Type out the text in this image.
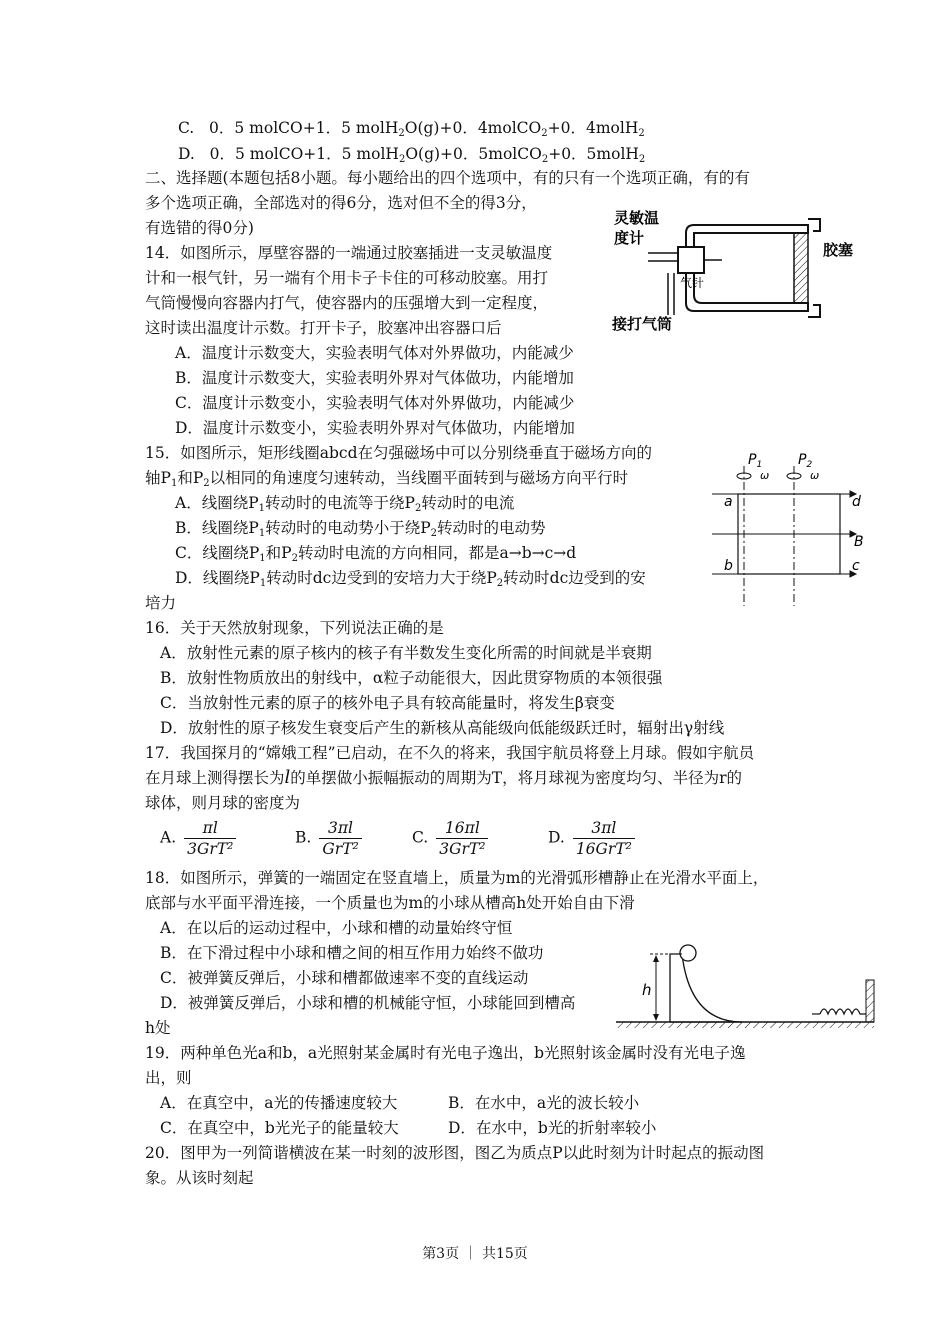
C. 0．5 molCO+1．5 molH$_2$O(g)+0．4molCO$_2$+0．4molH$_2$
D. 0．5 molCO+1．5 molH$_2$O(g)+0．5molCO$_2$+0．5molH$_2$
二、选择题(本题包括8小题。每小题给出的四个选项中，有的只有一个选项正确，有的有
多个选项正确，全部选对的得6分，选对但不全的得3分，
有选错的得0分)
14．如图所示，厚壁容器的一端通过胶塞插进一支灵敏温度
计和一根气针，另一端有个用卡子卡住的可移动胶塞。用打
气筒慢慢向容器内打气，使容器内的压强增大到一定程度，
这时读出温度计示数。打开卡子，胶塞冲出容器口后
A．温度计示数变大，实验表明气体对外界做功，内能减少
B．温度计示数变大，实验表明外界对气体做功，内能增加
C．温度计示数变小，实验表明气体对外界做功，内能减少
D．温度计示数变小，实验表明外界对气体做功，内能增加
灵敏温
度计
气针
胶塞
接打气筒
15．如图所示，矩形线圈abcd在匀强磁场中可以分别绕垂直于磁场方向的
轴$P_1$和$P_2$以相同的角速度匀速转动，当线圈平面转到与磁场方向平行时
A．线圈绕$P_1$转动时的电流等于绕$P_2$转动时的电流
B．线圈绕$P_1$转动时的电动势小于绕$P_2$转动时的电动势
C．线圈绕$P_1$和$P_2$转动时电流的方向相同，都是a→b→c→d
D．线圈绕$P_1$转动时dc边受到的安培力大于绕$P_2$转动时dc边受到的安
培力
$P_1$	$P_2$
ω	ω
a
b	c
d
B
16．关于天然放射现象，下列说法正确的是
A．放射性元素的原子核内的核子有半数发生变化所需的时间就是半衰期
B．放射性物质放出的射线中，α粒子动能很大，因此贯穿物质的本领很强
C．当放射性元素的原子的核外电子具有较高能量时，将发生β衰变
D．放射性的原子核发生衰变后产生的新核从高能级向低能级跃迁时，辐射出γ射线
17．我国探月的“嫦娥工程”已启动，在不久的将来，我国宇航员将登上月球。假如宇航员
在月球上测得摆长为l的单摆做小振幅振动的周期为T，将月球视为密度均匀、半径为r的
球体，则月球的密度为
A. $\frac{\pi l}{\text{3GrT²}}$	B. $\frac{3\pi l}{\text{GrT²}}$	C. $\frac{16\pi l}{\text{3GrT²}}$	D. $\frac{3\pi l}{\text{16GrT²}}$
18．如图所示，弹簧的一端固定在竖直墙上，质量为m的光滑弧形槽静止在光滑水平面上，
底部与水平面平滑连接，一个质量也为m的小球从槽高h处开始自由下滑
A．在以后的运动过程中，小球和槽的动量始终守恒
B．在下滑过程中小球和槽之间的相互作用力始终不做功
C．被弹簧反弹后，小球和槽都做速率不变的直线运动
D．被弹簧反弹后，小球和槽的机械能守恒，小球能回到槽高
h处
h
19．两种单色光a和b，a光照射某金属时有光电子逸出，b光照射该金属时没有光电子逸
出，则
A．在真空中，a光的传播速度较大	B．在水中，a光的波长较小
C．在真空中，b光光子的能量较大	D．在水中，b光的折射率较小
20．图甲为一列简谐横波在某一时刻的波形图，图乙为质点P以此时刻为计时起点的振动图
象。从该时刻起
第3页 ｜ 共15页
